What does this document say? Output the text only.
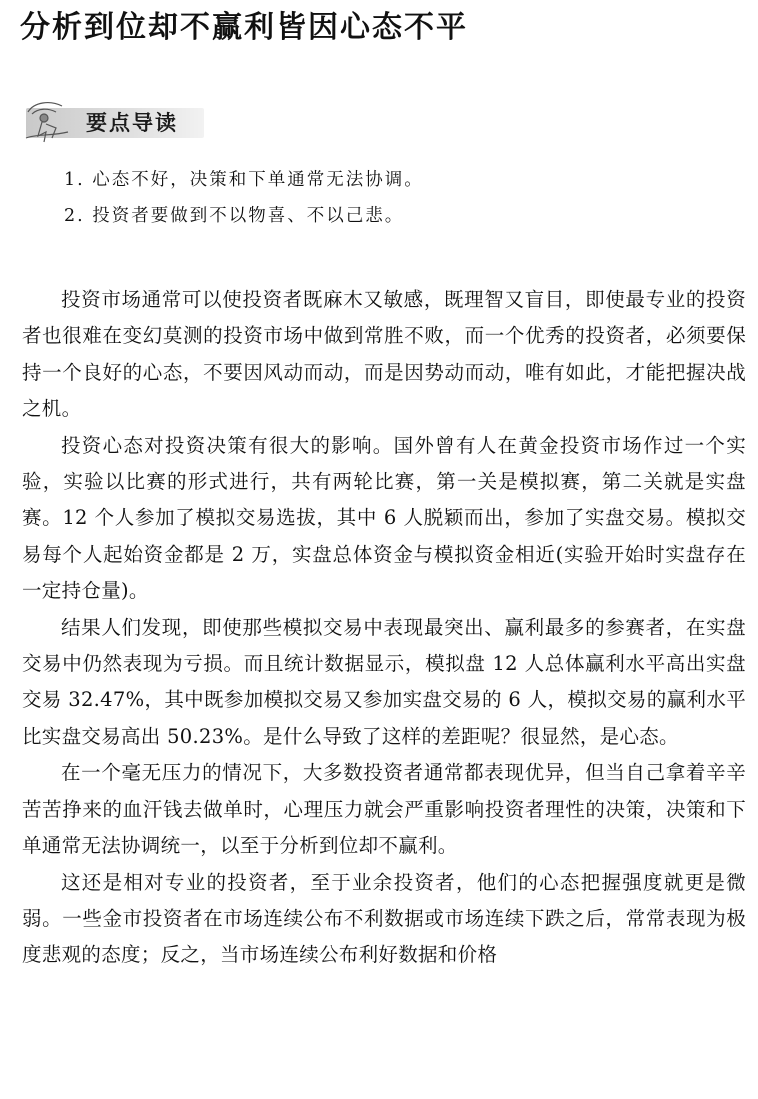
分析到位却不赢利皆因心态不平
要点导读
1. 心态不好，决策和下单通常无法协调。
2. 投资者要做到不以物喜、不以己悲。

投资市场通常可以使投资者既麻木又敏感，既理智又盲目，即使最专业的投资者也很难在变幻莫测的投资市场中做到常胜不败，而一个优秀的投资者，必须要保持一个良好的心态，不要因风动而动，而是因势动而动，唯有如此，才能把握决战之机。

投资心态对投资决策有很大的影响。国外曾有人在黄金投资市场作过一个实验，实验以比赛的形式进行，共有两轮比赛，第一关是模拟赛，第二关就是实盘赛。12 个人参加了模拟交易选拔，其中 6 人脱颖而出，参加了实盘交易。模拟交易每个人起始资金都是 2 万，实盘总体资金与模拟资金相近(实验开始时实盘存在一定持仓量)。

结果人们发现，即使那些模拟交易中表现最突出、赢利最多的参赛者，在实盘交易中仍然表现为亏损。而且统计数据显示，模拟盘 12 人总体赢利水平高出实盘交易 32.47%，其中既参加模拟交易又参加实盘交易的 6 人，模拟交易的赢利水平比实盘交易高出 50.23%。是什么导致了这样的差距呢？很显然，是心态。

在一个毫无压力的情况下，大多数投资者通常都表现优异，但当自己拿着辛辛苦苦挣来的血汗钱去做单时，心理压力就会严重影响投资者理性的决策，决策和下单通常无法协调统一，以至于分析到位却不赢利。

这还是相对专业的投资者，至于业余投资者，他们的心态把握强度就更是微弱。一些金市投资者在市场连续公布不利数据或市场连续下跌之后，常常表现为极度悲观的态度；反之，当市场连续公布利好数据和价格
